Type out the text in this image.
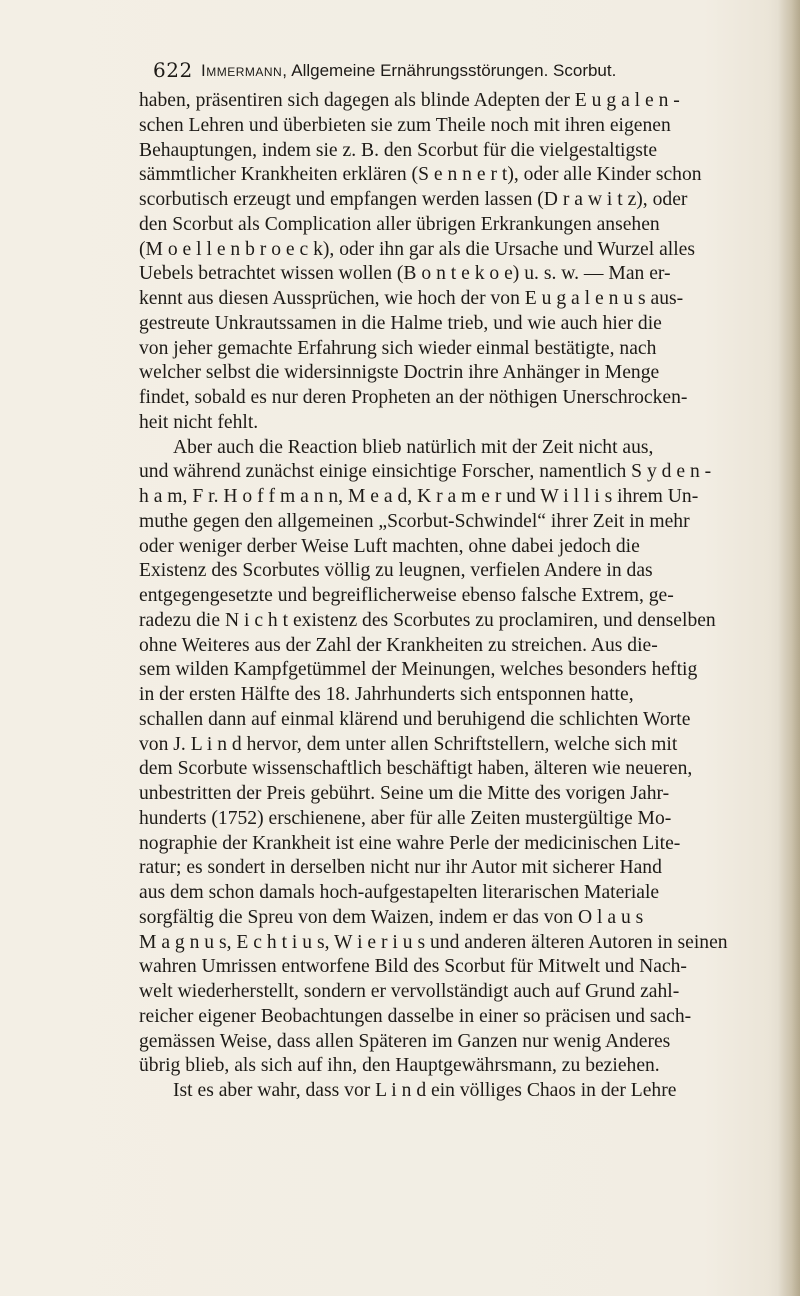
622 Immermann, Allgemeine Ernährungsstörungen. Scorbut.
haben, präsentiren sich dagegen als blinde Adepten der E u g a l e n -
schen Lehren und überbieten sie zum Theile noch mit ihren eigenen
Behauptungen, indem sie z. B. den Scorbut für die vielgestaltigste
sämmtlicher Krankheiten erklären (S e n n e r t), oder alle Kinder schon
scorbutisch erzeugt und empfangen werden lassen (D r a w i t z), oder
den Scorbut als Complication aller übrigen Erkrankungen ansehen
(M o e l l e n b r o e c k), oder ihn gar als die Ursache und Wurzel alles
Uebels betrachtet wissen wollen (B o n t e k o e) u. s. w. — Man er-
kennt aus diesen Aussprüchen, wie hoch der von E u g a l e n u s aus-
gestreute Unkrautssamen in die Halme trieb, und wie auch hier die
von jeher gemachte Erfahrung sich wieder einmal bestätigte, nach
welcher selbst die widersinnigste Doctrin ihre Anhänger in Menge
findet, sobald es nur deren Propheten an der nöthigen Unerschrocken-
heit nicht fehlt.
Aber auch die Reaction blieb natürlich mit der Zeit nicht aus,
und während zunächst einige einsichtige Forscher, namentlich S y d e n -
h a m, F r. H o f f m a n n, M e a d, K r a m e r und W i l l i s ihrem Un-
muthe gegen den allgemeinen „Scorbut-Schwindel“ ihrer Zeit in mehr
oder weniger derber Weise Luft machten, ohne dabei jedoch die
Existenz des Scorbutes völlig zu leugnen, verfielen Andere in das
entgegengesetzte und begreiflicherweise ebenso falsche Extrem, ge-
radezu die N i c h t existenz des Scorbutes zu proclamiren, und denselben
ohne Weiteres aus der Zahl der Krankheiten zu streichen. Aus die-
sem wilden Kampfgetümmel der Meinungen, welches besonders heftig
in der ersten Hälfte des 18. Jahrhunderts sich entsponnen hatte,
schallen dann auf einmal klärend und beruhigend die schlichten Worte
von J. L i n d hervor, dem unter allen Schriftstellern, welche sich mit
dem Scorbute wissenschaftlich beschäftigt haben, älteren wie neueren,
unbestritten der Preis gebührt. Seine um die Mitte des vorigen Jahr-
hunderts (1752) erschienene, aber für alle Zeiten mustergültige Mo-
nographie der Krankheit ist eine wahre Perle der medicinischen Lite-
ratur; es sondert in derselben nicht nur ihr Autor mit sicherer Hand
aus dem schon damals hoch-aufgestapelten literarischen Materiale
sorgfältig die Spreu von dem Waizen, indem er das von O l a u s
M a g n u s, E c h t i u s, W i e r i u s und anderen älteren Autoren in seinen
wahren Umrissen entworfene Bild des Scorbut für Mitwelt und Nach-
welt wiederherstellt, sondern er vervollständigt auch auf Grund zahl-
reicher eigener Beobachtungen dasselbe in einer so präcisen und sach-
gemässen Weise, dass allen Späteren im Ganzen nur wenig Anderes
übrig blieb, als sich auf ihn, den Hauptgewährsmann, zu beziehen.
Ist es aber wahr, dass vor L i n d ein völliges Chaos in der Lehre
